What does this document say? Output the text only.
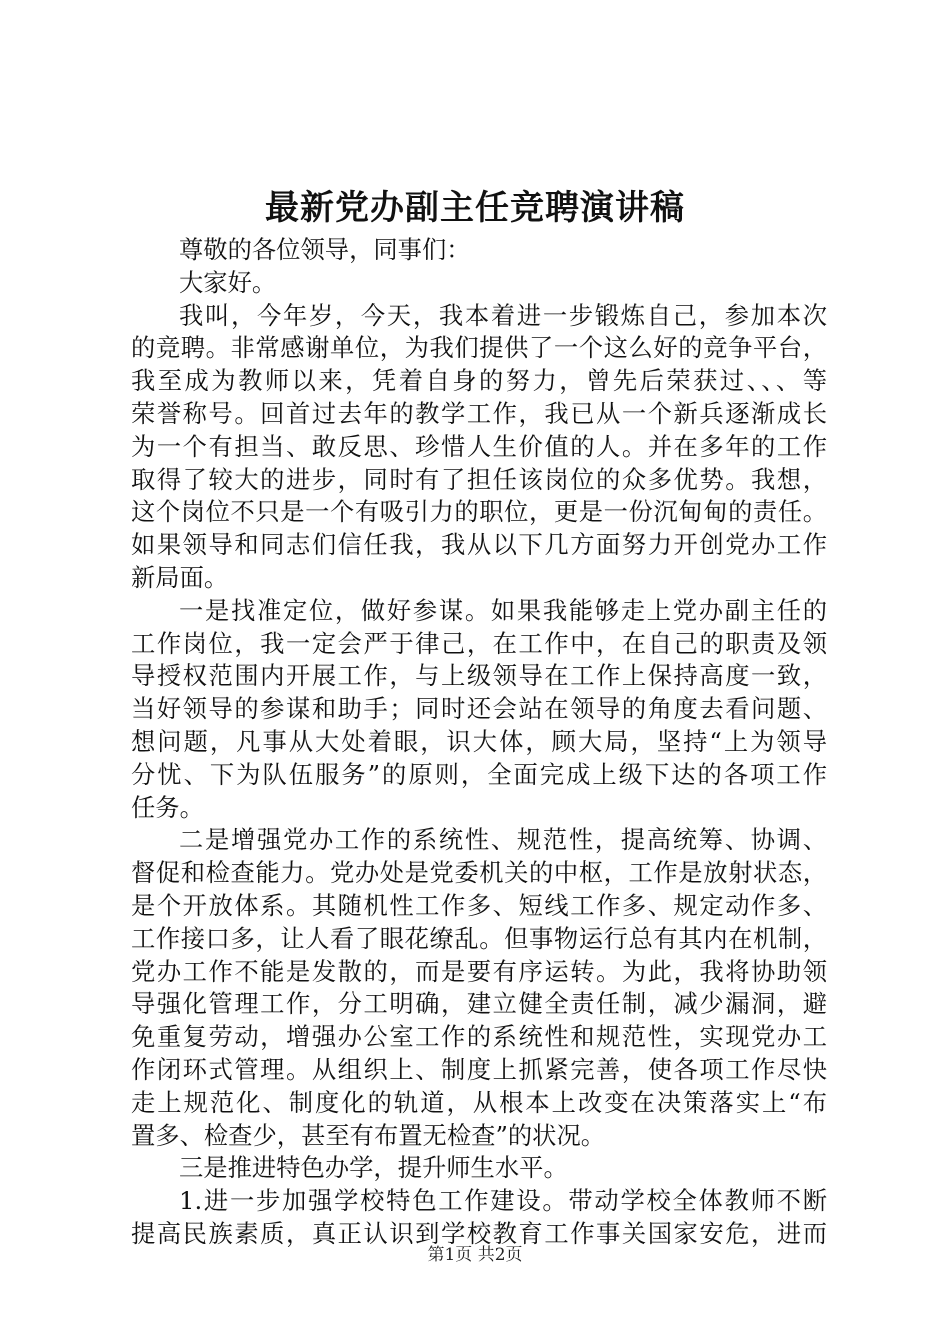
最新党办副主任竞聘演讲稿
尊敬的各位领导，同事们：
大家好。
我叫，今年岁，今天，我本着进一步锻炼自己，参加本次
的竞聘。非常感谢单位，为我们提供了一个这么好的竞争平台，
我至成为教师以来，凭着自身的努力，曾先后荣获过、、、等
荣誉称号。回首过去年的教学工作，我已从一个新兵逐渐成长
为一个有担当、敢反思、珍惜人生价值的人。并在多年的工作
取得了较大的进步，同时有了担任该岗位的众多优势。我想，
这个岗位不只是一个有吸引力的职位，更是一份沉甸甸的责任。
如果领导和同志们信任我，我从以下几方面努力开创党办工作
新局面。
一是找准定位，做好参谋。如果我能够走上党办副主任的
工作岗位，我一定会严于律己，在工作中，在自己的职责及领
导授权范围内开展工作，与上级领导在工作上保持高度一致，
当好领导的参谋和助手；同时还会站在领导的角度去看问题、
想问题，凡事从大处着眼，识大体，顾大局，坚持“上为领导
分忧、下为队伍服务”的原则，全面完成上级下达的各项工作
任务。
二是增强党办工作的系统性、规范性，提高统筹、协调、
督促和检查能力。党办处是党委机关的中枢，工作是放射状态，
是个开放体系。其随机性工作多、短线工作多、规定动作多、
工作接口多，让人看了眼花缭乱。但事物运行总有其内在机制，
党办工作不能是发散的，而是要有序运转。为此，我将协助领
导强化管理工作，分工明确，建立健全责任制，减少漏洞，避
免重复劳动，增强办公室工作的系统性和规范性，实现党办工
作闭环式管理。从组织上、制度上抓紧完善，使各项工作尽快
走上规范化、制度化的轨道，从根本上改变在决策落实上“布
置多、检查少，甚至有布置无检查”的状况。
三是推进特色办学，提升师生水平。
1.进一步加强学校特色工作建设。带动学校全体教师不断
提高民族素质，真正认识到学校教育工作事关国家安危，进而
第1页 共2页
